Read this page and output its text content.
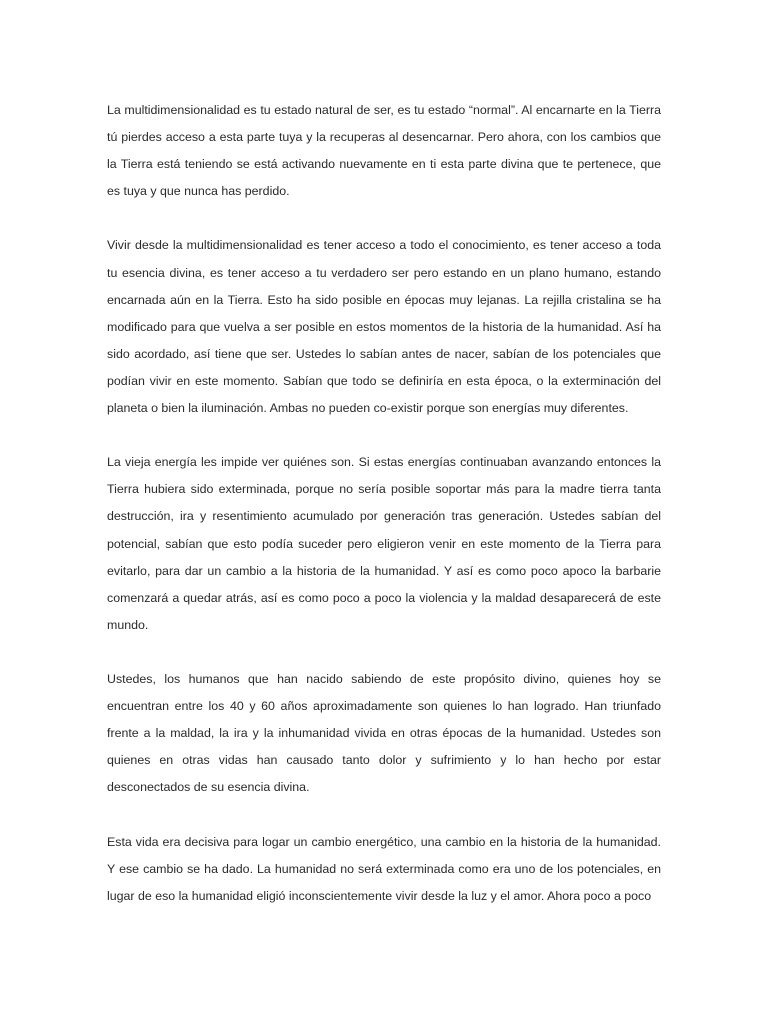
La multidimensionalidad es tu estado natural de ser, es tu estado “normal”. Al encarnarte en la Tierra tú pierdes acceso a esta parte tuya y la recuperas al desencarnar. Pero ahora, con los cambios que la Tierra está teniendo se está activando nuevamente en ti esta parte divina que te pertenece, que es tuya y que nunca has perdido.

Vivir desde la multidimensionalidad es tener acceso a todo el conocimiento, es tener acceso a toda tu esencia divina, es tener acceso a tu verdadero ser pero estando en un plano humano, estando encarnada aún en la Tierra. Esto ha sido posible en épocas muy lejanas. La rejilla cristalina se ha modificado para que vuelva a ser posible en estos momentos de la historia de la humanidad. Así ha sido acordado, así tiene que ser. Ustedes lo sabían antes de nacer, sabían de los potenciales que podían vivir en este momento. Sabían que todo se definiría en esta época, o la exterminación del planeta o bien la iluminación. Ambas no pueden co-existir porque son energías muy diferentes.

La vieja energía les impide ver quiénes son. Si estas energías continuaban avanzando entonces la Tierra hubiera sido exterminada, porque no sería posible soportar más para la madre tierra tanta destrucción, ira y resentimiento acumulado por generación tras generación. Ustedes sabían del potencial, sabían que esto podía suceder pero eligieron venir en este momento de la Tierra para evitarlo, para dar un cambio a la historia de la humanidad. Y así es como poco apoco la barbarie comenzará a quedar atrás, así es como poco a poco la violencia y la maldad desaparecerá de este mundo.

Ustedes, los humanos que han nacido sabiendo de este propósito divino, quienes hoy se encuentran entre los 40 y 60 años aproximadamente son quienes lo han logrado. Han triunfado frente a la maldad, la ira y la inhumanidad vivida en otras épocas de la humanidad. Ustedes son quienes en otras vidas han causado tanto dolor y sufrimiento y lo han hecho por estar desconectados de su esencia divina.

Esta vida era decisiva para logar un cambio energético, una cambio en la historia de la humanidad. Y ese cambio se ha dado. La humanidad no será exterminada como era uno de los potenciales, en lugar de eso la humanidad eligió inconscientemente vivir desde la luz y el amor. Ahora poco a poco
